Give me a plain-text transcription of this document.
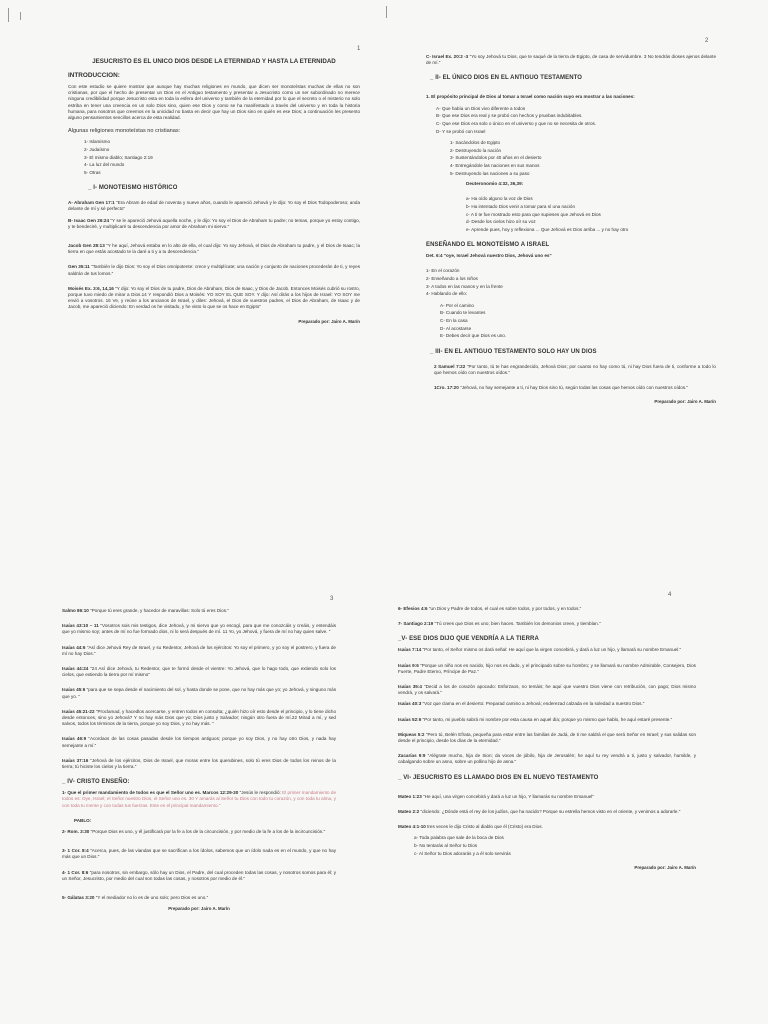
1
JESUCRISTO ES EL UNICO DIOS DESDE LA ETERNIDAD Y HASTA LA ETERNIDAD
INTRODUCCION:
Con este estudio se quiere mostrar que aunque hay muchas religiones en mundo, que dicen ser monoteístas muchas de ellas no son cristianas, por que el hecho de presentar un Dios en el Antiguo testamento y presentar a Jesucristo como un ser subordinado no merece ninguna credibilidad porque Jesucristo esta en toda la esfera del universo y también de la eternidad por lo que el secreto o el misterio no solo estriba en tener una creencia en un solo Dios sino, quien ese Dios y como se ha manifestado a través del universo y en toda la historia humana, para nosotros que creemos en la unicidad no basta en decir que hay un Dios sino en quién es ese Dios; a continuación les presento alguno pensamientos sencillos acerca de esta realidad.
Algunas religiones monoteístas no cristianas:
1- Islamismo
2- Judaísmo
3- El mismo diablo; Santiago 2:19
4- La luz del mundo
5- Otras
_ I- MONOTEISMO HISTÓRICO
A- Abraham Gen 17:1 "Era Abram de edad de noventa y nueve años, cuando le apareció Jehová y le dijo: Yo soy el Dios Todopoderoso; anda delante de mí y sé perfecto"
B- Isaac Gen 26:24 "Y se le apareció Jehová aquella noche, y le dijo: Yo soy el Dios de Abraham tu padre; no temas, porque yo estoy contigo, y te bendeciré, y multiplicaré tu descendencia por amor de Abraham mi siervo."
Jacob Gen 28:13 "Y he aquí, Jehová estaba en lo alto de ella, el cual dijo: Yo soy Jehová, el Dios de Abraham tu padre, y el Dios de Isaac; la tierra en que estás acostado te la daré a ti y a tu descendencia."
Gen 35:11 "También le dijo Dios: Yo soy el Dios omnipotente: crece y multiplícate; una nación y conjunto de naciones procederán de ti, y reyes saldrán de tus lomos."
Moisés Ex. 3:6, 14,16 "Y dijo: Yo soy el Dios de tu padre, Dios de Abraham, Dios de Isaac, y Dios de Jacob. Entonces Moisés cubrió su rostro, porque tuvo miedo de mirar a Dios.14 Y respondió Dios a Moisés: YO SOY EL QUE SOY. Y dijo: Así dirás a los hijos de Israel: YO SOY me envió a vosotros. 16 Ve, y reúne a los ancianos de Israel, y diles: Jehová, el Dios de vuestros padres, el Dios de Abraham, de Isaac y de Jacob, me apareció diciendo: En verdad os he visitado, y he visto lo que se os hace en Egipto"
Preparado por: Jairo A. Marín
2
C- Israel Ex. 20:2 -3 "Yo soy Jehová tu Dios, que te saqué de la tierra de Egipto, de casa de servidumbre. 3 No tendrás dioses ajenos delante de mí."
_ II- EL ÚNICO DIOS EN EL ANTIGUO TESTAMENTO
1. El propósito principal de Dios al tomar a Israel como nación suyo era mostrar a las naciones:
A- Que había un Dios vivo diferente a todos
B- Que ese Dios era real y se probó con hechos y pruebas indubitables.
C- Que ese Dios era solo o único en el universo y que no se necesita de otros.
D- Y se probó con Israel
1- Sacándolos de Egipto
2- Destruyendo la nación
3- Sustentándolos por 40 años en el desierto
4- Entregándole las naciones en sus manos
5- Destruyendo las naciones a su paso
Deuteronomio 4:32, 36,39:
a- Ha oído alguno la voz de Dios
b- Ha intentado Dios venir a tomar para sí una nación
c- A ti te fue mostrado esto para que supieses que Jehová es Dios
d- Desde los cielos hizo oír su voz
e- Aprende pues, hoy y reflexiona ... Que Jehová es Dios arriba ... y no hay otro
ENSEÑANDO EL MONOTEÍSMO A ISRAEL
Det. 6:4 "oye, Israel Jehová nuestro Dios, Jehová uno es"
1- En el corazón
2- Enseñando a los niños
3- A todos en las manos y en la frente
4- Hablando de ello:
A- Por el camino
B- Cuando te levantes
C- En la casa
D- Al acostarse
E- Debes decir que Dios es uno.
_ III- EN EL ANTIGUO TESTAMENTO SOLO HAY UN DIOS
2 Samuel 7:22 "Por tanto, tú te has engrandecido, Jehová Dios; por cuanto no hay como tú, ni hay Dios fuera de ti, conforme a todo lo que hemos oído con nuestros oídos."
1Cro. 17:20 "Jehová, no hay semejante a ti, ni hay Dios sino tú, según todas las cosas que hemos oído con nuestros oídos."
Preparado por: Jairo A. Marín
3
Salmo 86:10 "Porque tú eres grande, y hacedor de maravillas: Solo tú eres Dios."
Isaías 43:10 – 11 "Vosotros sois mis testigos, dice Jehová, y mi siervo que yo escogí, para que me conozcáis y creáis, y entendáis que yo mismo soy; antes de mí no fue formado dios, ni lo será después de mí. 11 Yo, yo Jehová, y fuera de mí no hay quien salve. "
Isaías 44:6 "Así dice Jehová Rey de Israel, y su Redentor, Jehová de los ejércitos: Yo soy el primero, y yo soy el postrero, y fuera de mí no hay Dios."
Isaías 44:24 "24 Así dice Jehová, tu Redentor, que te formó desde el vientre: Yo Jehová, que lo hago todo, que extiendo solo los cielos, que extiendo la tierra por mí mismo"
Isaías 45:6 "para que se sepa desde el nacimiento del sol, y hasta donde se pone, que no hay más que yo; yo Jehová, y ninguno más que yo. "
Isaías 45:21-22 "Proclamad, y hacedlos acercarse, y entren todos en consulta; ¿quién hizo oír esto desde el principio, y lo tiene dicho desde entonces, sino yo Jehová? Y no hay más Dios que yo; Dios justo y Salvador; ningún otro fuera de mí.22 Mirad a mí, y sed salvos, todos los términos de la tierra, porque yo soy Dios, y no hay más. "
Isaías 46:9 "Acordaos de las cosas pasadas desde los tiempos antiguos; porque yo soy Dios, y no hay otro Dios, y nada hay semejante a mí."
Isaías 37:16 "Jehová de los ejércitos, Dios de Israel, que moras entre los querubines, solo tú eres Dios de todos los reinos de la tierra; tú hiciste los cielos y la tierra."
_ IV- CRISTO ENSEÑO:
1- Que el primer mandamiento de todos es que el Señor uno es. Marcos 12:29-30 "Jesús le respondió: El primer mandamiento de todos es: Oye, Israel; el Señor nuestro Dios, el Señor uno es. 30 Y amarás al Señor tu Dios con todo tu corazón, y con toda tu alma, y con toda tu mente y con todas tus fuerzas. Este es el principal mandamiento."
PABLO:
2- Rom. 3:30 "Porque Dios es uno, y él justificará por la fe a los de la circuncisión, y por medio de la fe a los de la incircuncisión."
3- 1 Cor. 8:4 "Acerca, pues, de las viandas que se sacrifican a los ídolos, sabemos que un ídolo nada es en el mundo, y que no hay más que un Dios."
4- 1 Cor. 8:6 "para nosotros, sin embargo, sólo hay un Dios, el Padre, del cual proceden todas las cosas, y nosotros somos para él; y un Señor, Jesucristo, por medio del cual son todas las cosas, y nosotros por medio de él."
5- Gálatas 3:20 "Y el mediador no lo es de uno solo; pero Dios es uno."
Preparado por: Jairo A. Marín
4
6- Efesios 4:6 "un Dios y Padre de todos, el cual es sobre todos, y por todos, y en todos."
7- Santiago 2:19 "Tú crees que Dios es uno; bien haces. También los demonios creen, y tiemblan."
_V- ESE DIOS DIJO QUE VENDRÍA A LA TIERRA
Isaías 7:14 "Por tanto, el Señor mismo os dará señal: He aquí que la virgen concebirá, y dará a luz un hijo, y llamará su nombre Emanuel."
Isaías 9:6 "Porque un niño nos es nacido, hijo nos es dado, y el principado sobre su hombro; y se llamará su nombre Admirable, Consejero, Dios Fuerte, Padre Eterno, Príncipe de Paz."
Isaías 35:4 "Decid a los de corazón apocado: Esforzaos, no temáis; he aquí que vuestro Dios viene con retribución, con pago; Dios mismo vendrá, y os salvará."
Isaías 40:3 "Voz que clama en el desierto: Preparad camino a Jehová; enderezad calzada en la soledad a nuestro Dios."
Isaías 52:6 "Por tanto, mi pueblo sabrá mi nombre por esta causa en aquel día; porque yo mismo que hablo, he aquí estaré presente."
Miqueas 5:2 "Pero tú, Belén Efrata, pequeña para estar entre las familias de Judá, de ti me saldrá el que será Señor en Israel; y sus salidas son desde el principio, desde los días de la eternidad."
Zacarías 9:9 "Alégrate mucho, hija de Sion; da voces de júbilo, hija de Jerusalén; he aquí tu rey vendrá a ti, justo y salvador, humilde, y cabalgando sobre un asno, sobre un pollino hijo de asna."
_ VI- JESUCRISTO ES LLAMADO DIOS EN EL NUEVO TESTAMENTO
Mateo 1:23 "He aquí, una virgen concebirá y dará a luz un hijo, Y llamarás su nombre Emanuel"
Mateo 2:2 "diciendo: ¿Dónde está el rey de los judíos, que ha nacido? Porque su estrella hemos visto en el oriente, y venimos a adorarle."
Mateo 4:1-10 tres veces le dijo Cristo al diablo que él (Cristo) era Dios.
a- Toda palabra que sale de la boca de Dios
b- No tentarás al Señor tu Dios
c- Al Señor tu Dios adorarás y a él solo servirás
Preparado por: Jairo A. Marín
